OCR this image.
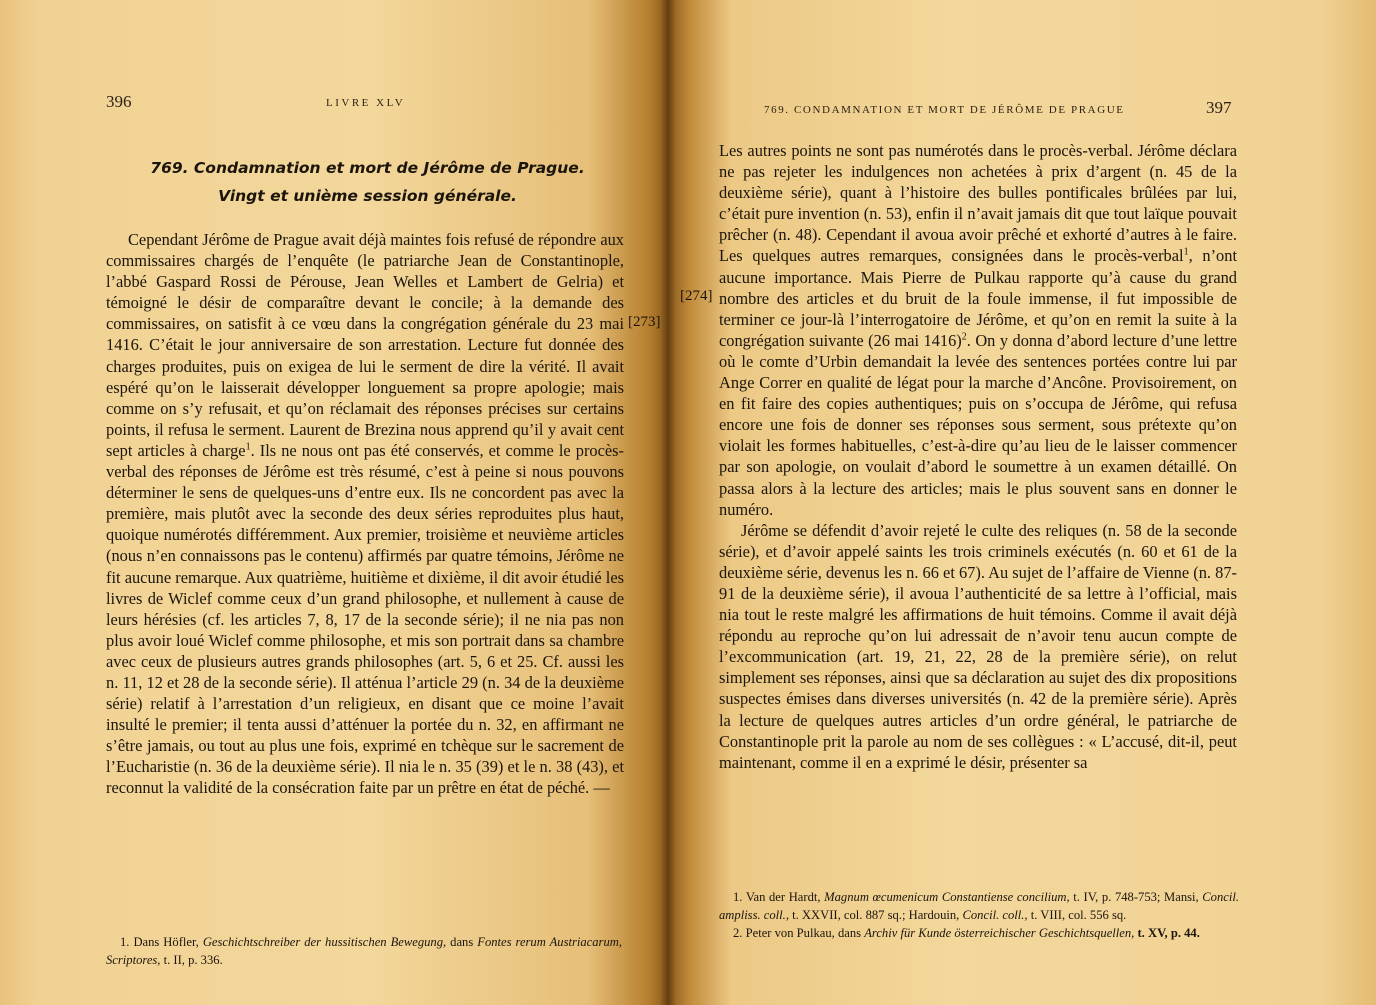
396	LIVRE XLV
769. Condamnation et mort de Jérôme de Prague.
Vingt et unième session générale.

Cependant Jérôme de Prague avait déjà maintes fois refusé de répondre aux commissaires chargés de l’enquête (le patriarche Jean de Constantinople, l’abbé Gaspard Rossi de Pérouse, Jean Welles et Lambert de Gelria) et témoigné le désir de comparaître devant le concile; à la demande des commissaires, on satisfit à ce vœu dans la congrégation générale du 23 mai 1416. C’était le jour anniversaire de son arrestation. Lecture fut donnée des charges produites, puis on exigea de lui le serment de dire la vérité. Il avait espéré qu’on le laisserait développer longuement sa propre apologie; mais comme on s’y refusait, et qu’on réclamait des réponses précises sur certains points, il refusa le serment. Laurent de Brezina nous apprend qu’il y avait cent sept articles à charge$^1$. Ils ne nous ont pas été conservés, et comme le procès-verbal des réponses de Jérôme est très résumé, c’est à peine si nous pouvons déterminer le sens de quelques-uns d’entre eux. Ils ne concordent pas avec la première, mais plutôt avec la seconde des deux séries reproduites plus haut, quoique numérotés différemment. Aux premier, troisième et neuvième articles (nous n’en connaissons pas le contenu) affirmés par quatre témoins, Jérôme ne fit aucune remarque. Aux quatrième, huitième et dixième, il dit avoir étudié les livres de Wiclef comme ceux d’un grand philosophe, et nullement à cause de leurs hérésies (cf. les articles 7, 8, 17 de la seconde série); il ne nia pas non plus avoir loué Wiclef comme philosophe, et mis son portrait dans sa chambre avec ceux de plusieurs autres grands philosophes (art. 5, 6 et 25. Cf. aussi les n. 11, 12 et 28 de la seconde série). Il atténua l’article 29 (n. 34 de la deuxième série) relatif à l’arrestation d’un religieux, en disant que ce moine l’avait insulté le premier; il tenta aussi d’atténuer la portée du n. 32, en affirmant ne s’être jamais, ou tout au plus une fois, exprimé en tchèque sur le sacrement de l’Eucharistie (n. 36 de la deuxième série). Il nia le n. 35 (39) et le n. 38 (43), et reconnut la validité de la consécration faite par un prêtre en état de péché. —

[273]

1. Dans Höfler, Geschichtschreiber der hussitischen Bewegung, dans Fontes rerum Austriacarum, Scriptores, t. II, p. 336.

769. CONDAMNATION ET MORT DE JÉRÔME DE PRAGUE	397
[274]

Les autres points ne sont pas numérotés dans le procès-verbal. Jérôme déclara ne pas rejeter les indulgences non achetées à prix d’argent (n. 45 de la deuxième série), quant à l’histoire des bulles pontificales brûlées par lui, c’était pure invention (n. 53), enfin il n’avait jamais dit que tout laïque pouvait prêcher (n. 48). Cependant il avoua avoir prêché et exhorté d’autres à le faire. Les quelques autres remarques, consignées dans le procès-verbal$^1$, n’ont aucune importance. Mais Pierre de Pulkau rapporte qu’à cause du grand nombre des articles et du bruit de la foule immense, il fut impossible de terminer ce jour-là l’interrogatoire de Jérôme, et qu’on en remit la suite à la congrégation suivante (26 mai 1416)$^2$. On y donna d’abord lecture d’une lettre où le comte d’Urbin demandait la levée des sentences portées contre lui par Ange Correr en qualité de légat pour la marche d’Ancône. Provisoirement, on en fit faire des copies authentiques; puis on s’occupa de Jérôme, qui refusa encore une fois de donner ses réponses sous serment, sous prétexte qu’on violait les formes habituelles, c’est-à-dire qu’au lieu de le laisser commencer par son apologie, on voulait d’abord le soumettre à un examen détaillé. On passa alors à la lecture des articles; mais le plus souvent sans en donner le numéro.

Jérôme se défendit d’avoir rejeté le culte des reliques (n. 58 de la seconde série), et d’avoir appelé saints les trois criminels exécutés (n. 60 et 61 de la deuxième série, devenus les n. 66 et 67). Au sujet de l’affaire de Vienne (n. 87-91 de la deuxième série), il avoua l’authenticité de sa lettre à l’official, mais nia tout le reste malgré les affirmations de huit témoins. Comme il avait déjà répondu au reproche qu’on lui adressait de n’avoir tenu aucun compte de l’excommunication (art. 19, 21, 22, 28 de la première série), on relut simplement ses réponses, ainsi que sa déclaration au sujet des dix propositions suspectes émises dans diverses universités (n. 42 de la première série). Après la lecture de quelques autres articles d’un ordre général, le patriarche de Constantinople prit la parole au nom de ses collègues : « L’accusé, dit-il, peut maintenant, comme il en a exprimé le désir, présenter sa

1. Van der Hardt, Magnum œcumenicum Constantiense concilium, t. IV, p. 748-753; Mansi, Concil. ampliss. coll., t. XXVII, col. 887 sq.; Hardouin, Concil. coll., t. VIII, col. 556 sq.

2. Peter von Pulkau, dans Archiv für Kunde österreichischer Geschichtsquellen, t. XV, p. 44.
